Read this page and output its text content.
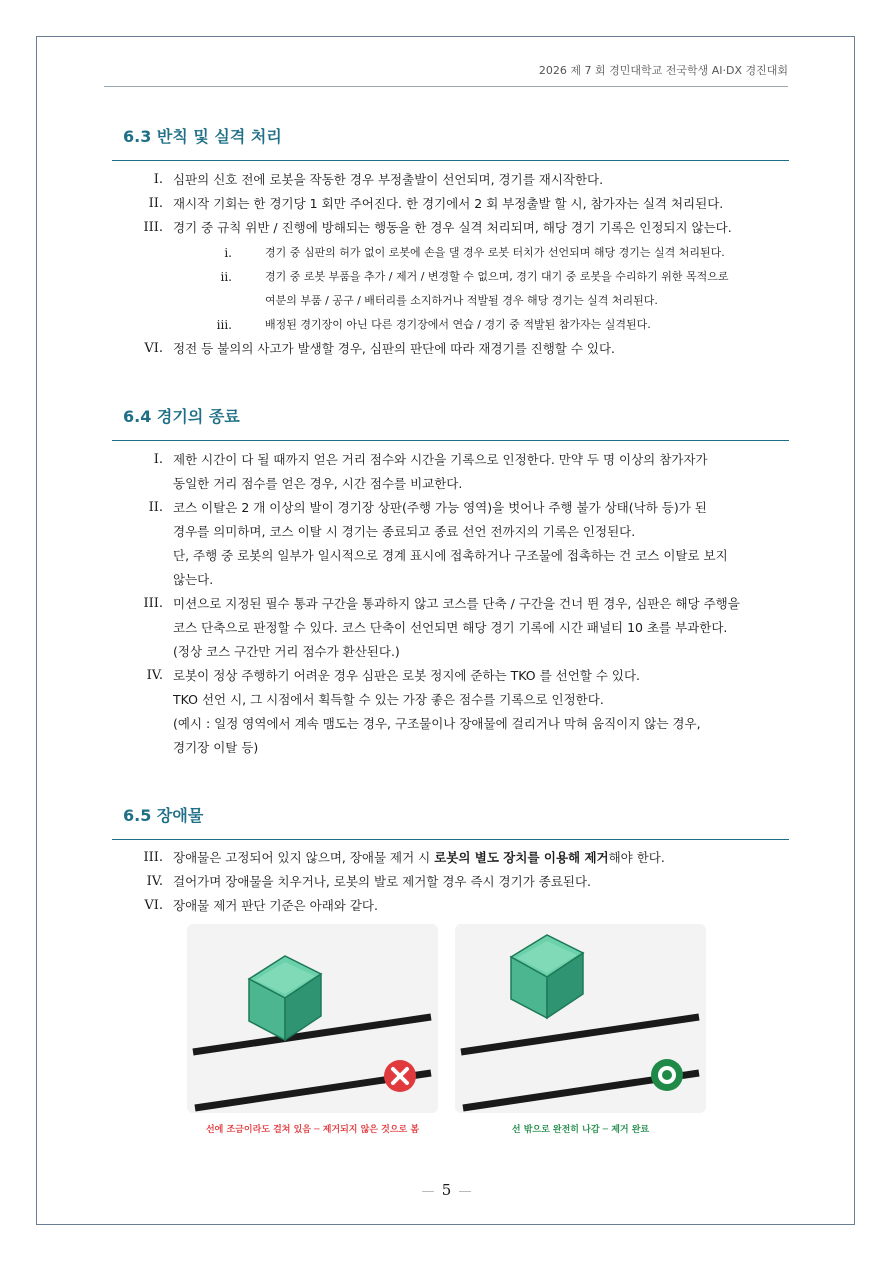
2026 제 7 회 경민대학교 전국학생 AI·DX 경진대회
6.3 반칙 및 실격 처리
I. 심판의 신호 전에 로봇을 작동한 경우 부정출발이 선언되며, 경기를 재시작한다.
II. 재시작 기회는 한 경기당 1 회만 주어진다. 한 경기에서 2 회 부정출발 할 시, 참가자는 실격 처리된다.
III. 경기 중 규칙 위반 / 진행에 방해되는 행동을 한 경우 실격 처리되며, 해당 경기 기록은 인정되지 않는다.
i.	경기 중 심판의 허가 없이 로봇에 손을 댈 경우 로봇 터치가 선언되며 해당 경기는 실격 처리된다.
ii.	경기 중 로봇 부품을 추가 / 제거 / 변경할 수 없으며, 경기 대기 중 로봇을 수리하기 위한 목적으로
여분의 부품 / 공구 / 배터리를 소지하거나 적발될 경우 해당 경기는 실격 처리된다.
iii.	배정된 경기장이 아닌 다른 경기장에서 연습 / 경기 중 적발된 참가자는 실격된다.
VI. 정전 등 불의의 사고가 발생할 경우, 심판의 판단에 따라 재경기를 진행할 수 있다.
6.4 경기의 종료
I. 제한 시간이 다 될 때까지 얻은 거리 점수와 시간을 기록으로 인정한다. 만약 두 명 이상의 참가자가
동일한 거리 점수를 얻은 경우, 시간 점수를 비교한다.
II. 코스 이탈은 2 개 이상의 발이 경기장 상판(주행 가능 영역)을 벗어나 주행 불가 상태(낙하 등)가 된
경우를 의미하며, 코스 이탈 시 경기는 종료되고 종료 선언 전까지의 기록은 인정된다.
단, 주행 중 로봇의 일부가 일시적으로 경계 표시에 접촉하거나 구조물에 접촉하는 건 코스 이탈로 보지
않는다.
III. 미션으로 지정된 필수 통과 구간을 통과하지 않고 코스를 단축 / 구간을 건너 뛴 경우, 심판은 해당 주행을
코스 단축으로 판정할 수 있다. 코스 단축이 선언되면 해당 경기 기록에 시간 패널티 10 초를 부과한다.
(정상 코스 구간만 거리 점수가 환산된다.)
IV. 로봇이 정상 주행하기 어려운 경우 심판은 로봇 정지에 준하는 TKO 를 선언할 수 있다.
TKO 선언 시, 그 시점에서 획득할 수 있는 가장 좋은 점수를 기록으로 인정한다.
(예시 : 일정 영역에서 계속 맴도는 경우, 구조물이나 장애물에 걸리거나 막혀 움직이지 않는 경우,
경기장 이탈 등)
6.5 장애물
III. 장애물은 고정되어 있지 않으며, 장애물 제거 시 로봇의 별도 장치를 이용해 제거해야 한다.
IV. 걸어가며 장애물을 치우거나, 로봇의 발로 제거할 경우 즉시 경기가 종료된다.
VI. 장애물 제거 판단 기준은 아래와 같다.
선에 조금이라도 걸쳐 있음 ─ 제거되지 않은 것으로 봄	선 밖으로 완전히 나감 ─ 제거 완료
5
